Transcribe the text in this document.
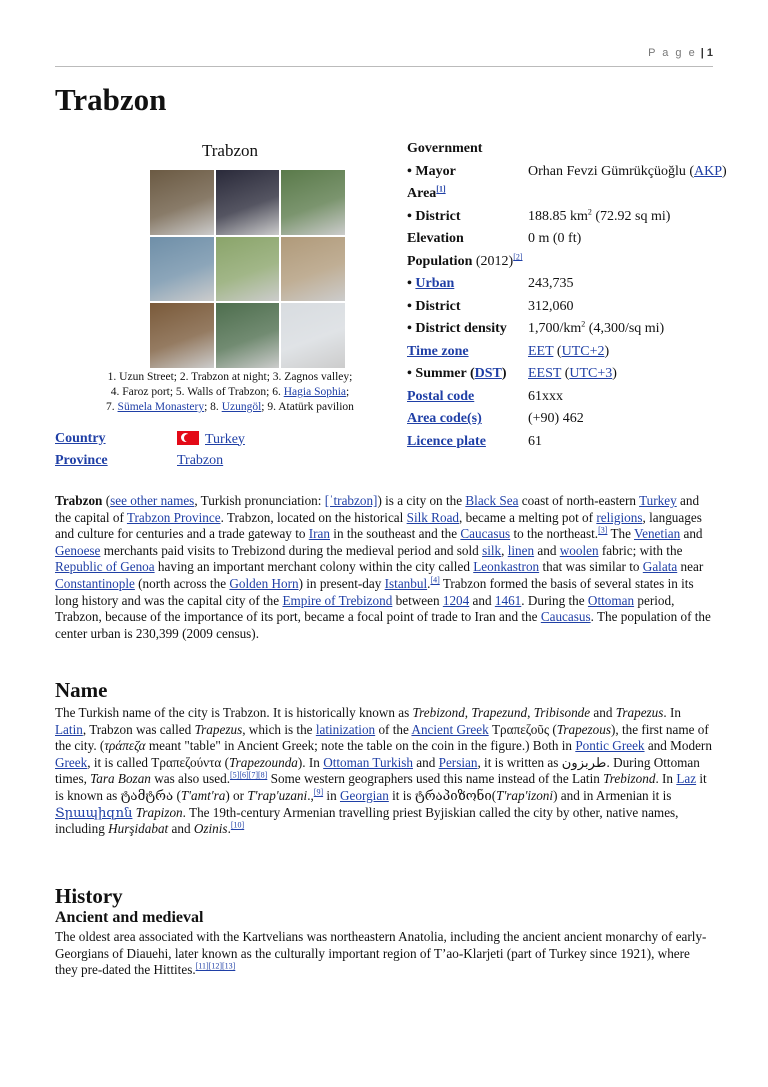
P a g e | 1
Trabzon
Trabzon
1. Uzun Street; 2. Trabzon at night; 3. Zagnos valley;
4. Faroz port; 5. Walls of Trabzon; 6. Hagia Sophia;
7. Sümela Monastery; 8. Uzungöl; 9. Atatürk pavilion
Country	Turkey
Province	Trabzon
Government
• Mayor	Orhan Fevzi Gümrükçüoğlu (AKP)
Area[1]
• District	188.85 $km^2$ (72.92 sq mi)
Elevation	0 m (0 ft)
Population (2012)[2]
• Urban	243,735
• District	312,060
• District density	$1,700/km^2$ (4,300/sq mi)
Time zone	EET (UTC+2)
• Summer (DST)	EEST (UTC+3)
Postal code	61xxx
Area code(s)	(+90) 462
Licence plate	61

Trabzon (see other names, Turkish pronunciation: [ˈtrabzon]) is a city on the Black Sea coast of north-eastern Turkey and the capital of Trabzon Province. Trabzon, located on the historical Silk Road, became a melting pot of religions, languages and culture for centuries and a trade gateway to Iran in the southeast and the Caucasus to the northeast.[3] The Venetian and Genoese merchants paid visits to Trebizond during the medieval period and sold silk, linen and woolen fabric; with the Republic of Genoa having an important merchant colony within the city called Leonkastron that was similar to Galata near Constantinople (north across the Golden Horn) in present-day Istanbul.[4] Trabzon formed the basis of several states in its long history and was the capital city of the Empire of Trebizond between 1204 and 1461. During the Ottoman period, Trabzon, because of the importance of its port, became a focal point of trade to Iran and the Caucasus. The population of the center urban is 230,399 (2009 census).

Name

The Turkish name of the city is Trabzon. It is historically known as Trebizond, Trapezund, Tribisonde and Trapezus. In Latin, Trabzon was called Trapezus, which is the latinization of the Ancient Greek Τραπεζοῦς (Trapezous), the first name of the city. (τράπεζα meant "table" in Ancient Greek; note the table on the coin in the figure.) Both in Pontic Greek and Modern Greek, it is called Τραπεζούντα (Trapezounda). In Ottoman Turkish and Persian, it is written as طربزون. During Ottoman times, Tara Bozan was also used.[5][6][7][8] Some western geographers used this name instead of the Latin Trebizond. In Laz it is known as ტამტრა (T'amt'ra) or T'rap'uzani.,[9] in Georgian it is ტრაპიზონი(T'rap'izoni) and in Armenian it is Տրապիզոն Trapizon. The 19th-century Armenian travelling priest Byjiskian called the city by other, native names, including Hurşidabat and Ozinis.[10]

History
Ancient and medieval

The oldest area associated with the Kartvelians was northeastern Anatolia, including the ancient ancient monarchy of early-Georgians of Diauehi, later known as the culturally important region of T’ao-Klarjeti (part of Turkey since 1921), where they pre-dated the Hittites.[11][12][13]
